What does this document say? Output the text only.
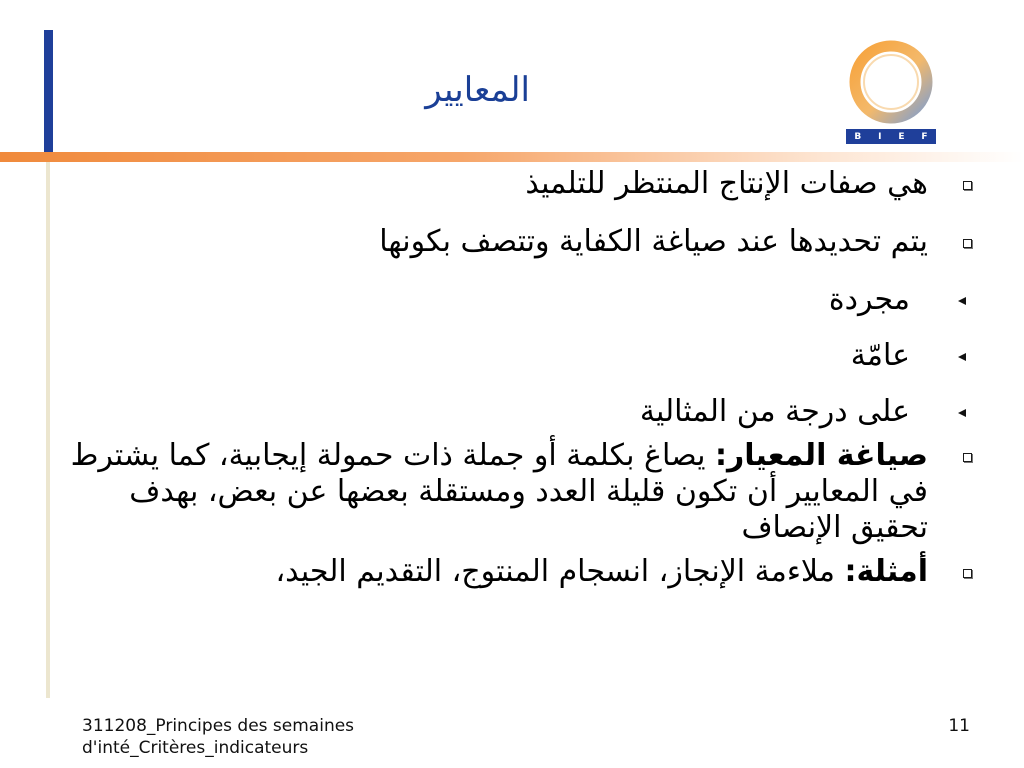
المعايير
B I E F
هي صفات الإنتاج المنتظر للتلميذ
يتم تحديدها عند صياغة الكفاية وتتصف بكونها
مجردة
عامّة
على درجة من المثالية
صياغة المعيار: يصاغ بكلمة أو جملة ذات حمولة إيجابية، كما يشترط في المعايير أن تكون قليلة العدد ومستقلة بعضها عن بعض، بهدف تحقيق الإنصاف
أمثلة: ملاءمة الإنجاز، انسجام المنتوج، التقديم الجيد،
311208_Principes des semaines
d'inté_Critères_indicateurs
11
